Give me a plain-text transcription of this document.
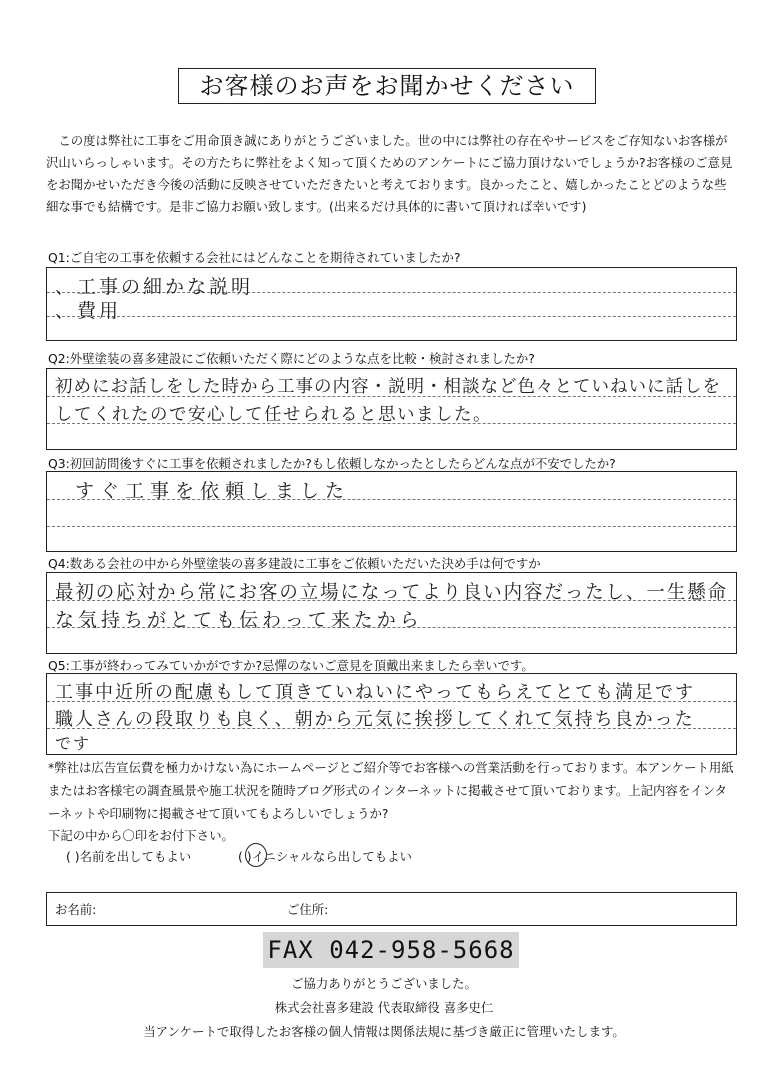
お客様のお声をお聞かせください
この度は弊社に工事をご用命頂き誠にありがとうございました。世の中には弊社の存在やサービスをご存知ないお客様が沢山いらっしゃいます。その方たちに弊社をよく知って頂くためのアンケートにご協力頂けないでしょうか?お客様のご意見をお聞かせいただき今後の活動に反映させていただきたいと考えております。良かったこと、嬉しかったことどのような些細な事でも結構です。是非ご協力お願い致します。(出来るだけ具体的に書いて頂ければ幸いです)
Q1:ご自宅の工事を依頼する会社にはどんなことを期待されていましたか?
、工事の細かな説明
、費用
Q2:外壁塗装の喜多建設にご依頼いただく際にどのような点を比較・検討されましたか?
初めにお話しをした時から工事の内容・説明・相談など色々とていねいに話しを
してくれたので安心して任せられると思いました。
Q3:初回訪問後すぐに工事を依頼されましたか?もし依頼しなかったとしたらどんな点が不安でしたか?
すぐ工事を依頼しました
Q4:数ある会社の中から外壁塗装の喜多建設に工事をご依頼いただいた決め手は何ですか
最初の応対から常にお客の立場になってより良い内容だったし、一生懸命
な気持ちがとても伝わって来たから
Q5:工事が終わってみていかがですか?忌憚のないご意見を頂戴出来ましたら幸いです。
工事中近所の配慮もして頂きていねいにやってもらえてとても満足です
職人さんの段取りも良く、朝から元気に挨拶してくれて気持ち良かった
です
*弊社は広告宣伝費を極力かけない為にホームページとご紹介等でお客様への営業活動を行っております。本アンケート用紙またはお客様宅の調査風景や施工状況を随時ブログ形式のインターネットに掲載させて頂いております。上記内容をインターネットや印刷物に掲載させて頂いてもよろしいでしょうか?
下記の中から〇印をお付下さい。
( )名前を出してもよい	( )イニシャルなら出してもよい
お名前:	ご住所:
FAX 042-958-5668
ご協力ありがとうございました。
株式会社喜多建設 代表取締役 喜多史仁
当アンケートで取得したお客様の個人情報は関係法規に基づき厳正に管理いたします。
